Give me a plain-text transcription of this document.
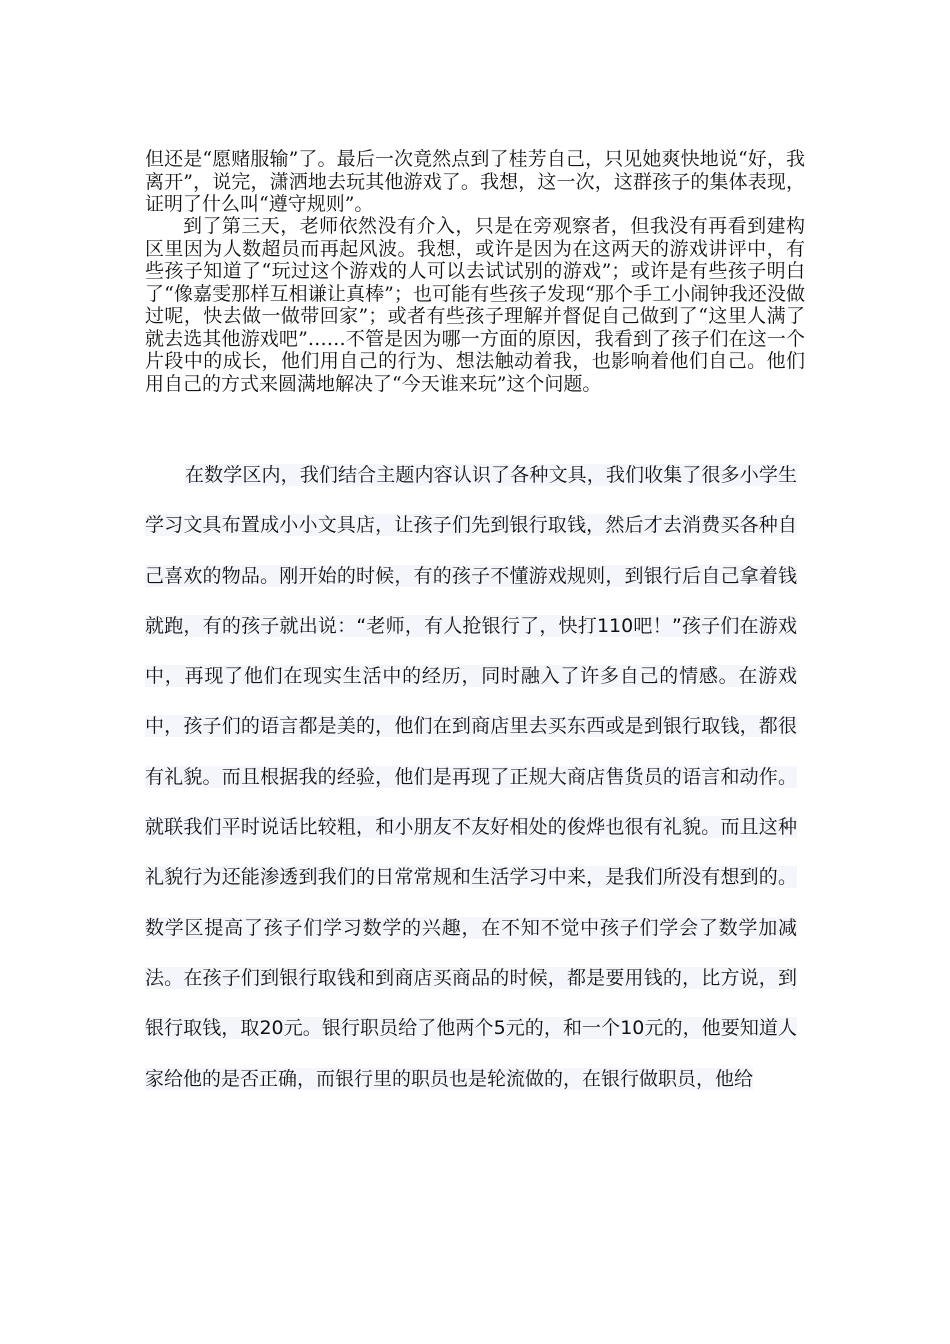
但还是“愿赌服输”了。最后一次竟然点到了桂芳自己，只见她爽快地说“好，我离开”，说完，潇洒地去玩其他游戏了。我想，这一次，这群孩子的集体表现，证明了什么叫“遵守规则”。

到了第三天，老师依然没有介入，只是在旁观察者，但我没有再看到建构区里因为人数超员而再起风波。我想，或许是因为在这两天的游戏讲评中，有些孩子知道了“玩过这个游戏的人可以去试试别的游戏”；或许是有些孩子明白了“像嘉雯那样互相谦让真棒”；也可能有些孩子发现“那个手工小闹钟我还没做过呢，快去做一做带回家”；或者有些孩子理解并督促自己做到了“这里人满了就去选其他游戏吧”……不管是因为哪一方面的原因，我看到了孩子们在这一个片段中的成长，他们用自己的行为、想法触动着我，也影响着他们自己。他们用自己的方式来圆满地解决了“今天谁来玩”这个问题。

在数学区内，我们结合主题内容认识了各种文具，我们收集了很多小学生学习文具布置成小小文具店，让孩子们先到银行取钱，然后才去消费买各种自己喜欢的物品。刚开始的时候，有的孩子不懂游戏规则，到银行后自己拿着钱就跑，有的孩子就出说：“老师，有人抢银行了，快打110吧！”孩子们在游戏中，再现了他们在现实生活中的经历，同时融入了许多自己的情感。在游戏中，孩子们的语言都是美的，他们在到商店里去买东西或是到银行取钱，都很有礼貌。而且根据我的经验，他们是再现了正规大商店售货员的语言和动作。就联我们平时说话比较粗，和小朋友不友好相处的俊烨也很有礼貌。而且这种礼貌行为还能渗透到我们的日常常规和生活学习中来，是我们所没有想到的。数学区提高了孩子们学习数学的兴趣，在不知不觉中孩子们学会了数学加减法。在孩子们到银行取钱和到商店买商品的时候，都是要用钱的，比方说，到银行取钱，取20元。银行职员给了他两个5元的，和一个10元的，他要知道人家给他的是否正确，而银行里的职员也是轮流做的，在银行做职员，他给
